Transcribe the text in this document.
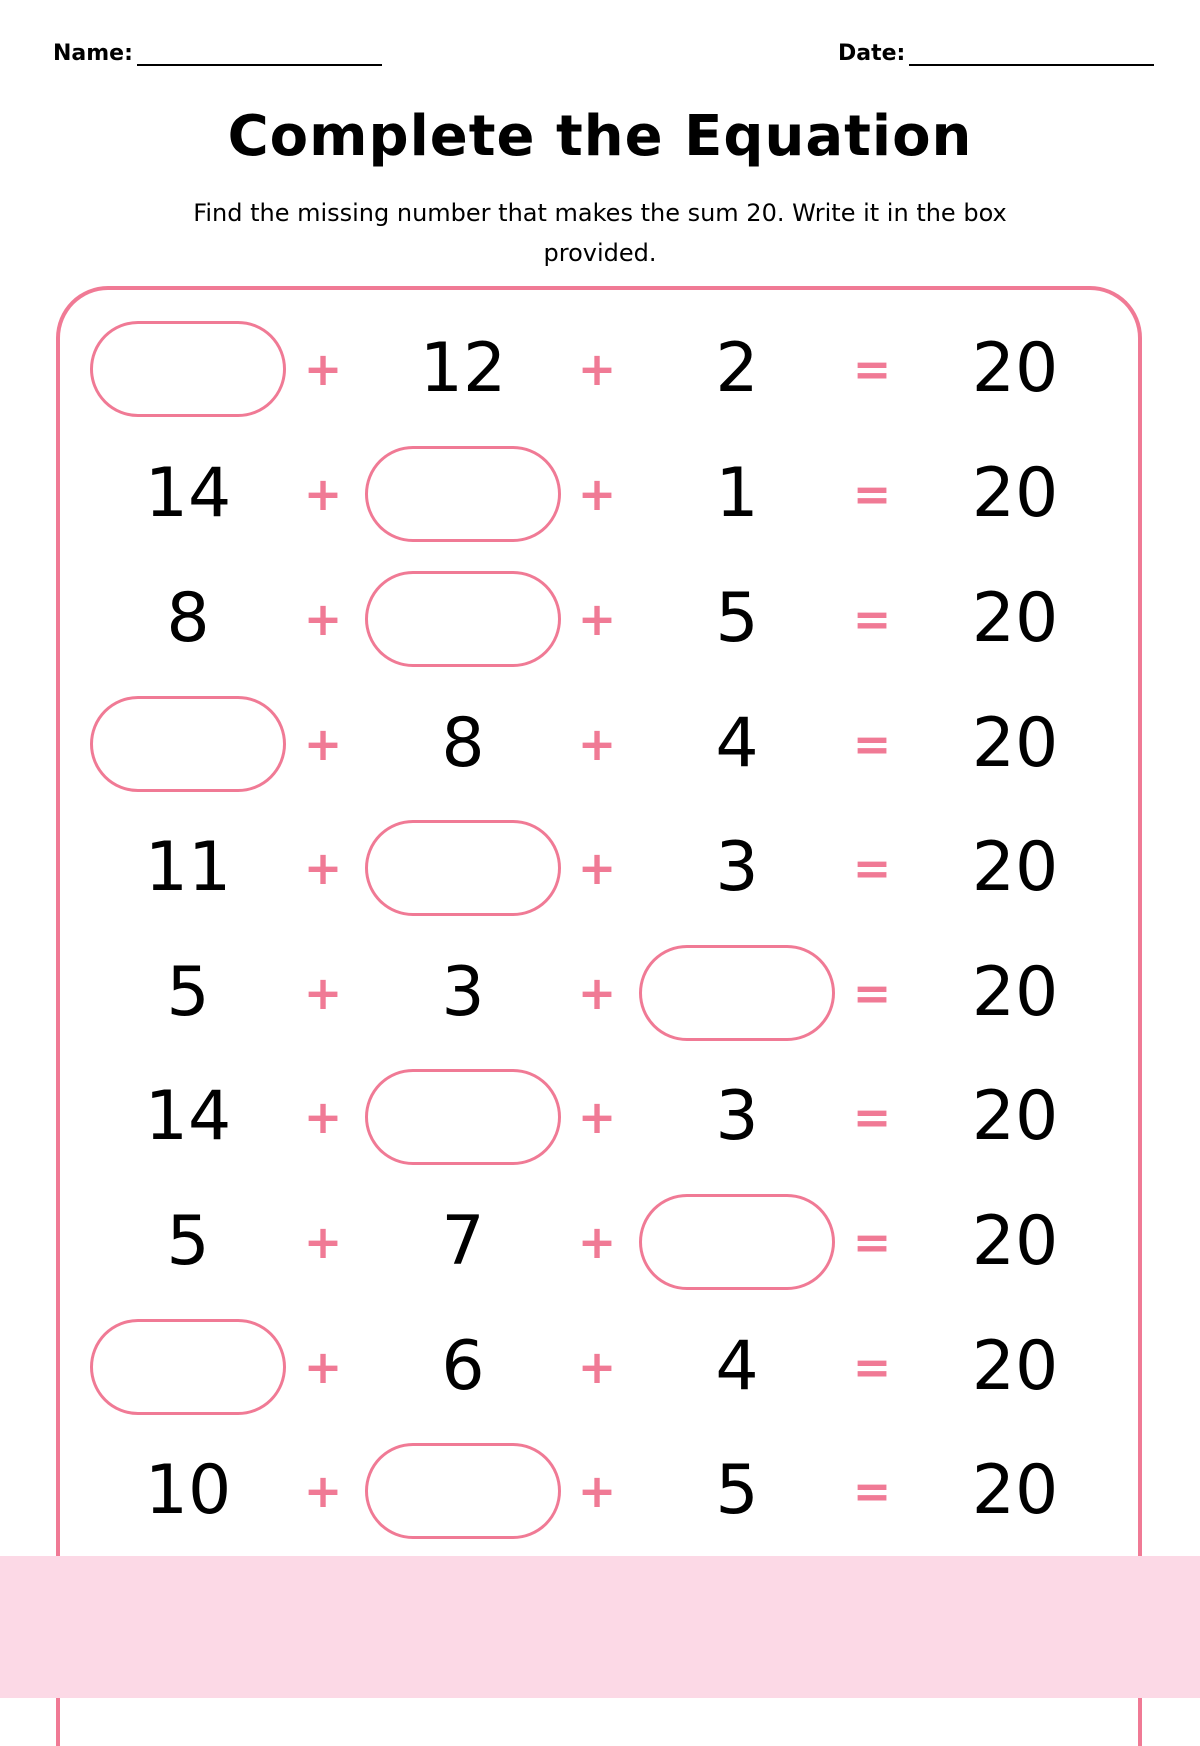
Name:	Date:
Complete the Equation

Find the missing number that makes the sum 20. Write it in the box provided.

+ 12 + 2 = 20
14 +	+ 1 = 20
8 +	+ 5 = 20
+ 8 + 4 = 20
11 +	+ 3 = 20
5 + 3 +	= 20
14 +	+ 3 = 20
5 + 7 +	= 20
+ 6 + 4 = 20
10 +	+ 5 = 20
